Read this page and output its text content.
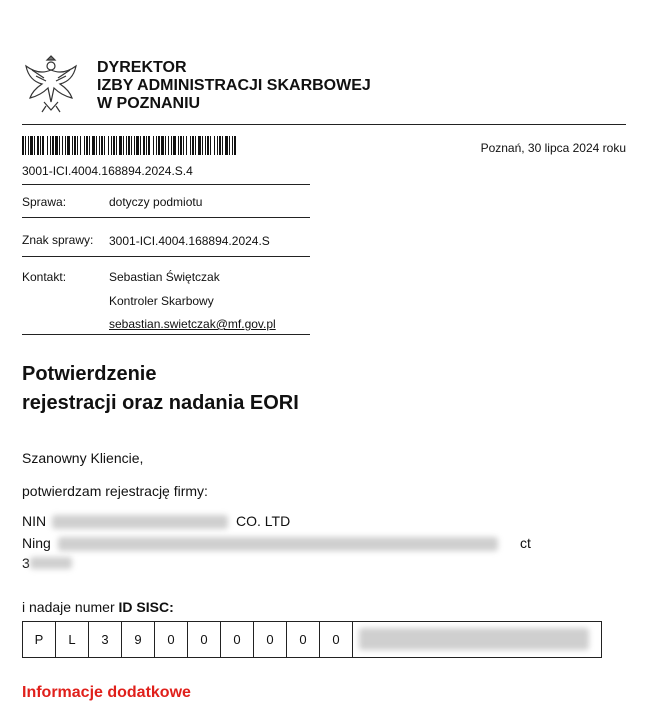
DYREKTOR
IZBY ADMINISTRACJI SKARBOWEJ
W POZNANIU
Poznań, 30 lipca 2024 roku
3001-ICI.4004.168894.2024.S.4
Sprawa:	dotyczy podmiotu
Znak sprawy: 3001-ICI.4004.168894.2024.S
Kontakt:	Sebastian Świętczak
Kontroler Skarbowy
sebastian.swietczak@mf.gov.pl
Potwierdzenie
rejestracji oraz nadania EORI
Szanowny Kliencie,
potwierdzam rejestrację firmy:
NIN	CO. LTD
Ning	ct
3
i nadaje numer ID SISC:
P	L	3	9	0	0	0	0	0	0
Informacje dodatkowe
